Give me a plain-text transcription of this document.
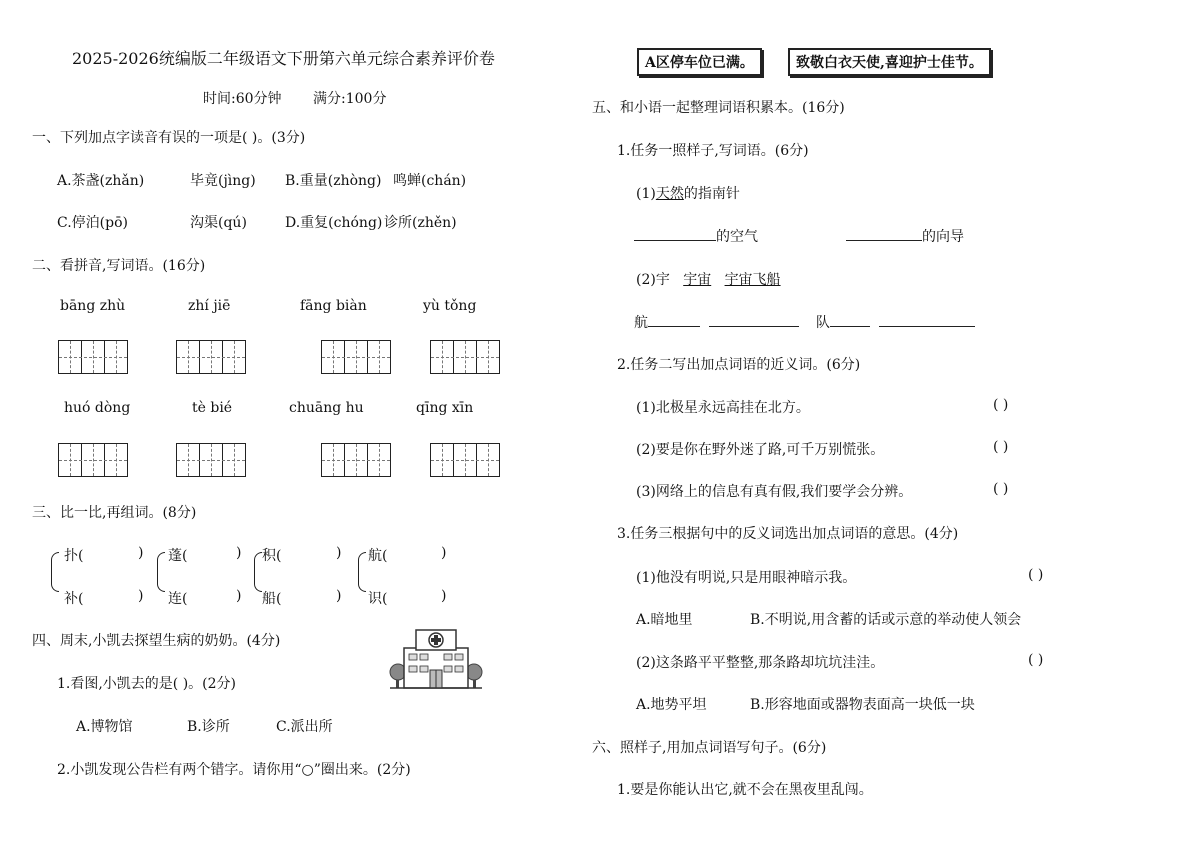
2025-2026统编版二年级语文下册第六单元综合素养评价卷
时间:60分钟 满分:100分
一、下列加点字读音有误的一项是( )。(3分)
A.茶盏(zhǎn)	毕竟(jìng) B.重量(zhòng) 鸣蝉(chán)
C.停泊(pō)	沟渠(qú)	D.重复(chóng) 诊所(zhěn)
二、看拼音,写词语。(16分)
bāng zhù	zhí jiē	fāng biàn	yù tǒng
huó dòng	tè bié	chuāng hu	qīng xīn
三、比一比,再组词。(8分)
扑(	) 蓬(	) 积(	) 航(	)
补(	) 连(	) 船(	) 识(	)
四、周末,小凯去探望生病的奶奶。(4分)
1.看图,小凯去的是( )。(2分)
A.博物馆	B.诊所	C.派出所
2.小凯发现公告栏有两个错字。请你用“○”圈出来。(2分)
A区停车位已满。	致敬白衣天使,喜迎护士佳节。
五、和小语一起整理词语积累本。(16分)
1.任务一照样子,写词语。(6分)
(1)天然的指南针
的空气	的向导
(2)宇 宇宙 宇宙飞船
航	队
2.任务二写出加点词语的近义词。(6分)
(1)北极星永远高挂在北方。	( )
(2)要是你在野外迷了路,可千万别慌张。	( )
(3)网络上的信息有真有假,我们要学会分辨。	( )
3.任务三根据句中的反义词选出加点词语的意思。(4分)
(1)他没有明说,只是用眼神暗示我。	( )
A.暗地里	B.不明说,用含蓄的话或示意的举动使人领会
(2)这条路平平整整,那条路却坑坑洼洼。	( )
A.地势平坦	B.形容地面或器物表面高一块低一块
六、照样子,用加点词语写句子。(6分)
1.要是你能认出它,就不会在黑夜里乱闯。
